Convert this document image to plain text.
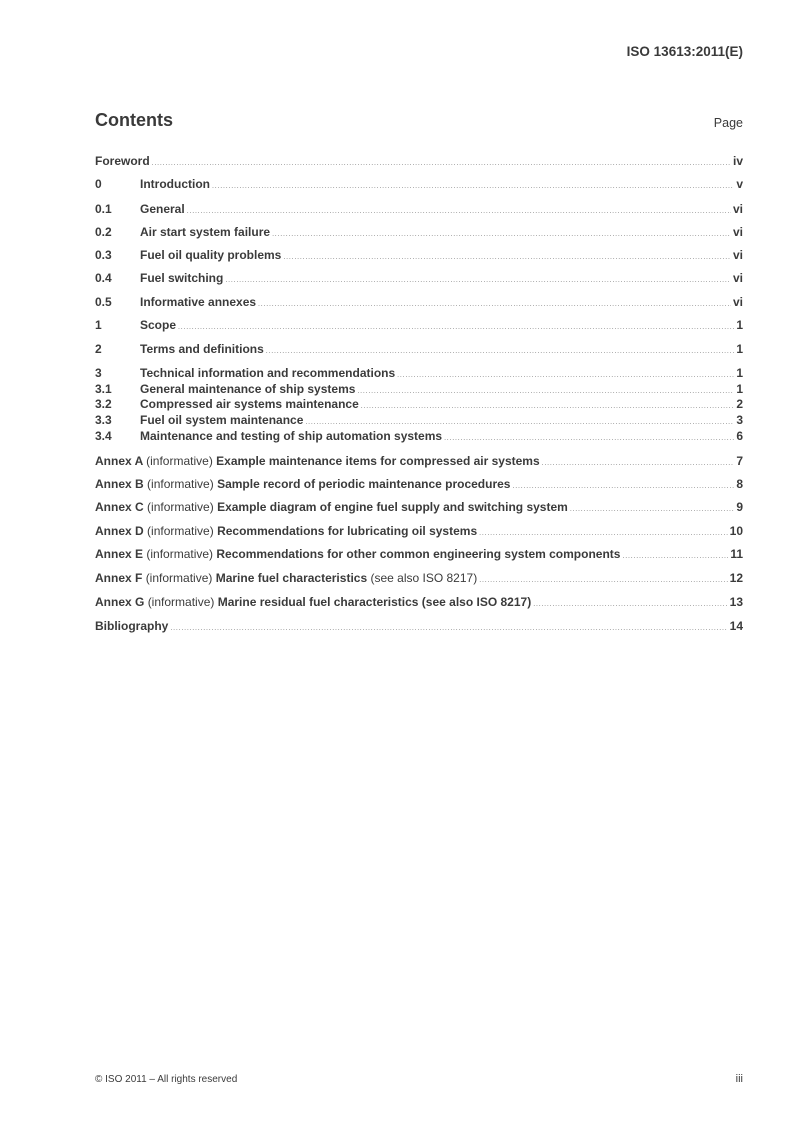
ISO 13613:2011(E)
Contents	Page
Foreword .....	iv
0	Introduction .....	v
0.1	General .....	vi
0.2	Air start system failure .....	vi
0.3	Fuel oil quality problems .....	vi
0.4	Fuel switching .....	vi
0.5	Informative annexes .....	vi
1	Scope .....	1
2	Terms and definitions .....	1
3	Technical information and recommendations .....	1
3.1	General maintenance of ship systems .....	1
3.2	Compressed air systems maintenance .....	2
3.3	Fuel oil system maintenance .....	3
3.4	Maintenance and testing of ship automation systems .....	6
Annex A (informative) Example maintenance items for compressed air systems .....	7
Annex B (informative) Sample record of periodic maintenance procedures .....	8
Annex C (informative) Example diagram of engine fuel supply and switching system .....	9
Annex D (informative) Recommendations for lubricating oil systems .....	10
Annex E (informative) Recommendations for other common engineering system components .....	11
Annex F (informative) Marine fuel characteristics (see also ISO 8217) .....	12
Annex G (informative) Marine residual fuel characteristics (see also ISO 8217) .....	13
Bibliography .....	14
© ISO 2011 – All rights reserved	iii
